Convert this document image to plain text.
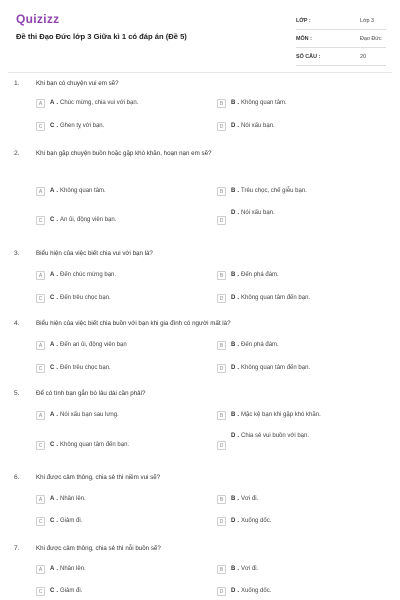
Quizizz
Đề thi Đạo Đức lớp 3 Giữa kì 1 có đáp án (Đề 5)
LỚP :	Lớp 3
MÔN :	Đạo Đức
SỐ CÂU :	20
1.	Khi bạn có chuyện vui em sẽ?
A	A . Chúc mừng, chia vui với bạn.	B	B . Không quan tâm.
C	C . Ghen tỵ với bạn.	D	D . Nói xấu bạn.
2.	Khi bạn gặp chuyện buồn hoặc gặp khó khăn, hoạn nạn em sẽ?
A	A . Không quan tâm.	B	B . Trêu chọc, chế giễu bạn.
C	C . An ủi, động viên bạn.	D
D . Nói xấu bạn.
3.	Biểu hiện của việc biết chia vui với bạn là?
A	A . Đến chúc mừng bạn.	B	B . Đến phá đám.
C	C . Đến trêu chọc bạn.	D	D . Không quan tâm đến bạn.
4.	Biểu hiện của việc biết chia buồn với bạn khi gia đình có người mất là?
A	A . Đến an ủi, động viên bạn	B	B . Đến phá đám.
C	C . Đến trêu chọc bạn.	D	D . Không quan tâm đến bạn.
5.	Để có tình bạn gắn bó lâu dài cần phải?
A	A . Nói xấu bạn sau lưng.	B	B . Mặc kệ bạn khi gặp khó khăn.
C	C . Không quan tâm đến bạn.	D
D . Chia sẻ vui buồn với bạn.
6.	Khi được cảm thông, chia sẻ thì niềm vui sẽ?
A	A . Nhân lên.	B	B . Vơi đi.
C	C . Giảm đi.	D	D . Xuống dốc.
7.	Khi được cảm thông, chia sẻ thì nỗi buồn sẽ?
A	A . Nhân lên.	B	B . Vơi đi.
C	C . Giảm đi.	D	D . Xuống dốc.
